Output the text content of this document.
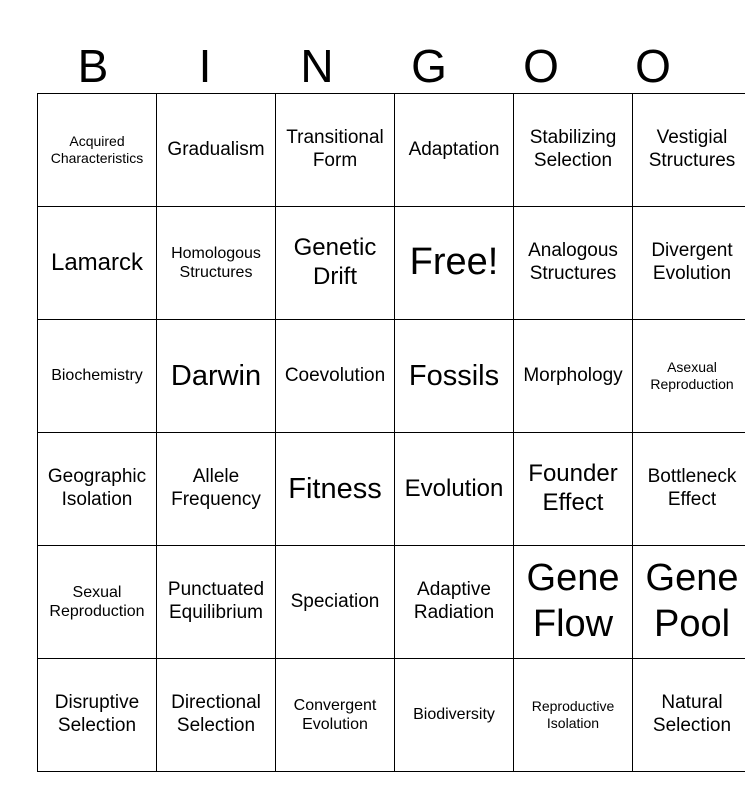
B	I	N	G	O	O
Acquired Characteristics	Gradualism	Transitional Form	Adaptation	Stabilizing Selection	Vestigial Structures

Lamarck	Homologous Structures	Genetic Drift	Free!	Analogous Structures	Divergent Evolution

Biochemistry	Darwin	Coevolution	Fossils	Morphology	Asexual Reproduction

Geographic Isolation	Allele Frequency	Fitness	Evolution	Founder Effect	Bottleneck Effect

Sexual Reproduction	Punctuated Equilibrium	Speciation	Adaptive Radiation	Gene Flow	Gene Pool

Disruptive Selection	Directional Selection	Convergent Evolution	Biodiversity	Reproductive Isolation	Natural Selection
